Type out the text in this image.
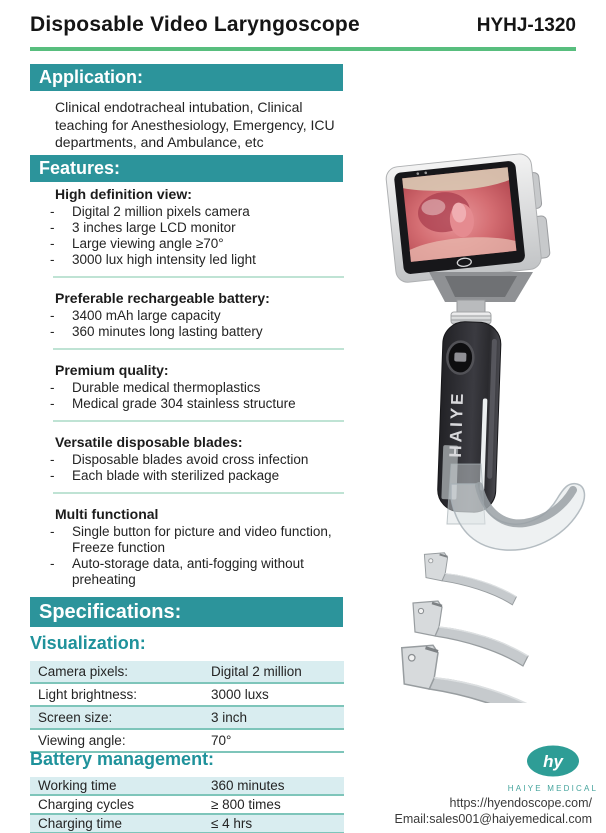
Disposable Video Laryngoscope	HYHJ-1320
Application:

Clinical endotracheal intubation, Clinical teaching for Anesthesiology, Emergency, ICU departments, and Ambulance, etc

Features:
High definition view:
- Digital 2 million pixels camera
- 3 inches large LCD monitor
- Large viewing angle ≥70°
- 3000 lux high intensity led light
Preferable rechargeable battery:
- 3400 mAh large capacity
- 360 minutes long lasting battery
Premium quality:
- Durable medical thermoplastics
- Medical grade 304 stainless structure
Versatile disposable blades:
- Disposable blades avoid cross infection
- Each blade with sterilized package
Multi functional
- Single button for picture and video function, Freeze function
- Auto-storage data, anti-fogging without preheating
Specifications:
Visualization:
Camera pixels:	Digital 2 million
Light brightness:	3000 luxs
Screen size:	3 inch
Viewing angle:	70°
Battery management:
Working time	360 minutes
Charging cycles	≥ 800 times
Charging time	≤ 4 hrs
HAIYE
hy
HAIYE MEDICAL
https://hyendoscope.com/
Email:sales001@haiyemedical.com
